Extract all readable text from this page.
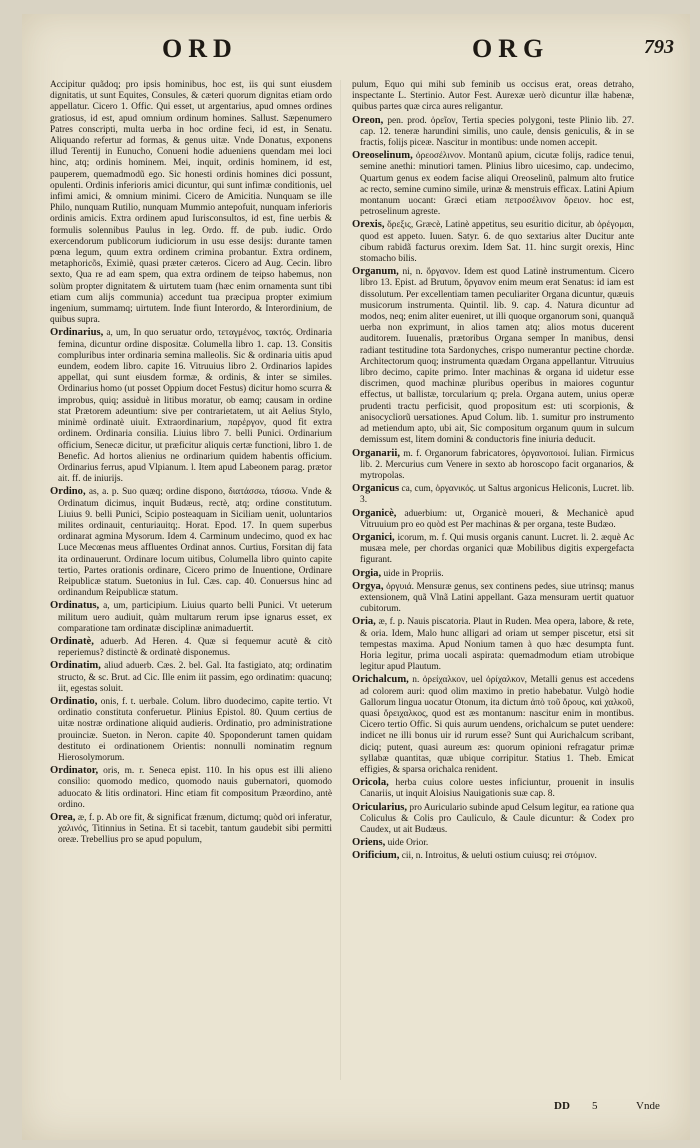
ORD	ORG	793

Accipitur quãdoq; pro ipsis hominibus, hoc est, iis qui sunt eiusdem dignitatis, ut sunt Equites, Consules, & cæteri quorum dignitas etiam ordo appellatur. Cicero 1. Offic. Qui esset, ut argentarius, apud omnes ordines gratiosus, id est, apud omnium ordinum homines. Sallust. Sæpenumero Patres conscripti, multa uerba in hoc ordine feci, id est, in Senatu. Aliquando refertur ad formas, & genus uitæ. Vnde Donatus, exponens illud Terentij in Eunucho, Conueni hodie adueniens quendam mei loci hinc, atq; ordinis hominem. Mei, inquit, ordinis hominem, id est, pauperem, quemadmodũ ego. Sic honesti ordinis homines dici possunt, opulenti. Ordinis inferioris amici dicuntur, qui sunt infimæ conditionis, uel infimi amici, & omnium minimi. Cicero de Amicitia. Nunquam se ille Philo, nunquam Rutilio, nunquam Mummio antepofuit, nunquam inferioris ordinis amicis. Extra ordinem apud Iurisconsultos, id est, fine uerbis & formulis solennibus Paulus in leg. Ordo. ff. de pub. iudic. Ordo exercendorum publicorum iudiciorum in usu esse desijs: durante tamen pœna legum, quum extra ordinem crimina probantur. Extra ordinem, metaphoricõs, Eximiè, quasi præter cæteros. Cicero ad Aug. Cecin. libro sexto, Qua re ad eam spem, qua extra ordinem de teipso habemus, non solùm propter dignitatem & uirtutem tuam (hæc enim ornamenta sunt tibi etiam cum alijs communia) accedunt tua præcipua propter eximium ingenium, summamq; uirtutem. Inde fiunt Interordo, & Interordinium, de quibus supra.

Ordinarius, a, um, In quo seruatur ordo, τεταγμένος, τακτός. Ordinaria femina, dicuntur ordine dispositæ. Columella libro 1. cap. 13. Consitis compluribus inter ordinaria semina malleolis. Sic & ordinaria uitis apud eundem, eodem libro. capite 16. Vitruuius libro 2. Ordinarios lapides appellat, qui sunt eiusdem formæ, & ordinis, & inter se similes. Ordinarius homo (ut posset Oppium docet Festus) dicitur homo scurra & improbus, quiq; assiduè in litibus moratur, ob eamq; causam in ordine stat Prætorem adeuntium: sive per contrarietatem, ut ait Aelius Stylo, minimè ordinatè uiuit. Extraordinarium, παρέργον, quod fit extra ordinem. Ordinaria consilia. Liuius libro 7. belli Punici. Ordinarium officium, Senecæ dicitur, ut præficitur aliquis certæ functioni, libro 1. de Benefic. Ad hortos alienius ne ordinarium quidem habentis officium. Ordinarius ferrus, apud Vlpianum. l. Item apud Labeonem parag. prætor ait. ff. de iniurijs.

Ordino, as, a. p. Suo quæq; ordine dispono, διατάσσω, τάσσω. Vnde & Ordinatum dicimus, inquit Budæus, rectè, atq; ordine constitutum. Liuius 9. belli Punici, Scipio posteaquam in Siciliam uenit, uoluntarios milites ordinauit, centuriauitq;. Horat. Epod. 17. In quem superbus ordinarat agmina Mysorum. Idem 4. Carminum undecimo, quod ex hac Luce Mecœnas meus affluentes Ordinat annos. Curtius, Forsitan dij fata ita ordinauerunt. Ordinare locum uitibus, Columella libro quinto capite tertio, Partes orationis ordinare, Cicero primo de Inuentione, Ordinare Reipublicæ statum. Suetonius in Iul. Cæs. cap. 40. Conuersus hinc ad ordinandum Reipublicæ statum.

Ordinatus, a, um, participium. Liuius quarto belli Punici. Vt ueterum militum uero audiuit, quàm multarum rerum ipse ignarus esset, ex comparatione tam ordinatæ disciplinæ animaduertit.

Ordinatè, aduerb. Ad Heren. 4. Quæ si fequemur acutè & citò reperiemus? distinctè & ordinatè disponemus.

Ordinatim, aliud aduerb. Cæs. 2. bel. Gal. Ita fastigiato, atq; ordinatim structo, & sc. Brut. ad Cic. Ille enim iit passim, ego ordinatim: quacunq; iit, egestas soluit.

Ordinatio, onis, f. t. uerbale. Colum. libro duodecimo, capite tertio. Vt ordinatio constituta conferuetur. Plinius Epistol. 80. Quum certius de uitæ nostræ ordinatione aliquid audieris. Ordinatio, pro administratione prouinciæ. Sueton. in Neron. capite 40. Spoponderunt tamen quidam destituto ei ordinationem Orientis: nonnulli nominatim regnum Hierosolymorum.

Ordinator, oris, m. r. Seneca epist. 110. In his opus est illi alieno consilio: quomodo medico, quomodo nauis gubernatori, quomodo aduocato & litis ordinatori. Hinc etiam fit compositum Præordino, antè ordino.

Orea, æ, f. p. Ab ore fit, & significat frænum, dictumq; quòd ori inferatur, χαλινός, Titinnius in Setina. Et si tacebit, tantum gaudebit sibi permitti oreæ. Trebellius pro se apud populum,

pulum, Equo qui mihi sub feminib us occisus erat, oreas detraho, inspectante L. Stertinio. Autor Fest. Aurexæ uerò dicuntur illæ habenæ, quibus partes quæ circa aures religantur.

Oreon, pen. prod. ὀρεῖον, Tertia species polygoni, teste Plinio lib. 27. cap. 12. teneræ harundini similis, uno caule, densis geniculis, & in se fractis, folijs piceæ. Nascitur in montibus: unde nomen accepit.

Oreoselinum, ὀρεοσέλινον. Montanũ apium, cicutæ folijs, radice tenui, semine anethi: minutiori tamen. Plinius libro uicesimo, cap. undecimo, Quartum genus ex eodem facise aliqui Oreoselinũ, palmum alto frutice ac recto, semine cumino simile, urinæ & menstruis efficax. Latini Apium montanum uocant: Græci etiam πετροσέλινον ὄρειον. hoc est, petroselinum agreste.

Orexis, ὄρεξις, Græcè, Latinè appetitus, seu esuritio dicitur, ab ὀρέγομαι, quod est appeto. Iuuen. Satyr. 6. de quo sextarius alter Ducitur ante cibum rabidã facturus orexim. Idem Sat. 11. hinc surgit orexis, Hinc stomacho bilis.

Organum, ni, n. ὄργανον. Idem est quod Latinè instrumentum. Cicero libro 13. Epist. ad Brutum, ὄργανον enim meum erat Senatus: id iam est dissolutum. Per excellentiam tamen peculiariter Organa dicuntur, quæuis musicorum instrumenta. Quintil. lib. 9. cap. 4. Natura dicuntur ad modos, neq; enim aliter eueniret, ut illi quoque organorum soni, quanquã uerba non exprimunt, in alios tamen atq; alios motus ducerent auditorem. Iuuenalis, prætoribus Organa semper In manibus, densi radiant testitudine tota Sardonyches, crispo numerantur pectine chordæ. Architectorum quoq; instrumenta quædam Organa appellantur. Vitruuius libro decimo, capite primo. Inter machinas & organa id uidetur esse discrimen, quod machinæ pluribus operibus in maiores coguntur effectus, ut ballistæ, torcularium q; prela. Organa autem, unius operæ prudenti tractu perficisit, quod propositum est: uti scorpionis, & anisocycliorũ uersationes. Apud Colum. lib. 1. sumitur pro instrumento ad metiendum apto, ubi ait, Sic compositum organum quum in sulcum demissum est, litem domini & conductoris fine iniuria deducit.

Organarii, m. f. Organorum fabricatores, ὀργανοποιοί. Iulian. Firmicus lib. 2. Mercurius cum Venere in sexto ab horoscopo facit organarios, & mytropolas.

Organicus ca, cum, ὀργανικός. ut Saltus argonicus Heliconis, Lucret. lib. 3.

Organicè, aduerbium: ut, Organicè moueri, & Mechanicè apud Vitruuium pro eo quòd est Per machinas & per organa, teste Budæo.

Organici, icorum, m. f. Qui musis organis canunt. Lucret. li. 2. æquè Ac musæa mele, per chordas organici quæ Mobilibus digitis expergefacta figurant.

Orgia, uide in Propriis.

Orgya, ὀργυιά. Mensuræ genus, sex continens pedes, siue utrinsq; manus extensionem, quã Vlnã Latini appellant. Gaza mensuram uertit quatuor cubitorum.

Oria, æ, f. p. Nauis piscatoria. Plaut in Ruden. Mea opera, labore, & rete, & oria. Idem, Malo hunc alligari ad oriam ut semper piscetur, etsi sit tempestas maxima. Apud Nonium tamen à quo hæc desumpta funt. Horia legitur, prima uocali aspirata: quemadmodum etiam utrobique legitur apud Plautum.

Orichalcum, n. ὀρείχαλκον, uel ὀρίχαλκον, Metalli genus est accedens ad colorem auri: quod olim maximo in pretio habebatur. Vulgò hodie Gallorum lingua uocatur Otonum, ita dictum ἀπὸ τοῦ ὄρους, καὶ χαλκοῦ, quasi ὄρειχαλκος, quod est æs montanum: nascitur enim in montibus. Cicero tertio Offic. Si quis aurum uendens, orichalcum se putet uendere: indicet ne illi bonus uir id rurum esse? Sunt qui Aurichalcum scribant, diciq; putent, quasi aureum æs: quorum opinioni refragatur primæ syllabæ quantitas, quæ ubique corripitur. Statius 1. Theb. Emicat effigies, & sparsa orichalca renident.

Oricola, herba cuius colore uestes inficiuntur, prouenit in insulis Canariis, ut inquit Aloisius Nauigationis suæ cap. 8.

Oricularius, pro Auriculario subinde apud Celsum legitur, ea ratione qua Coliculus & Colis pro Cauliculo, & Caule dicuntur: & Codex pro Caudex, ut ait Budæus.

Oriens, uide Orior.

Orificium, cii, n. Introitus, & ueluti ostium cuiusq; rei στόμιον.

DD 5	Vnde
